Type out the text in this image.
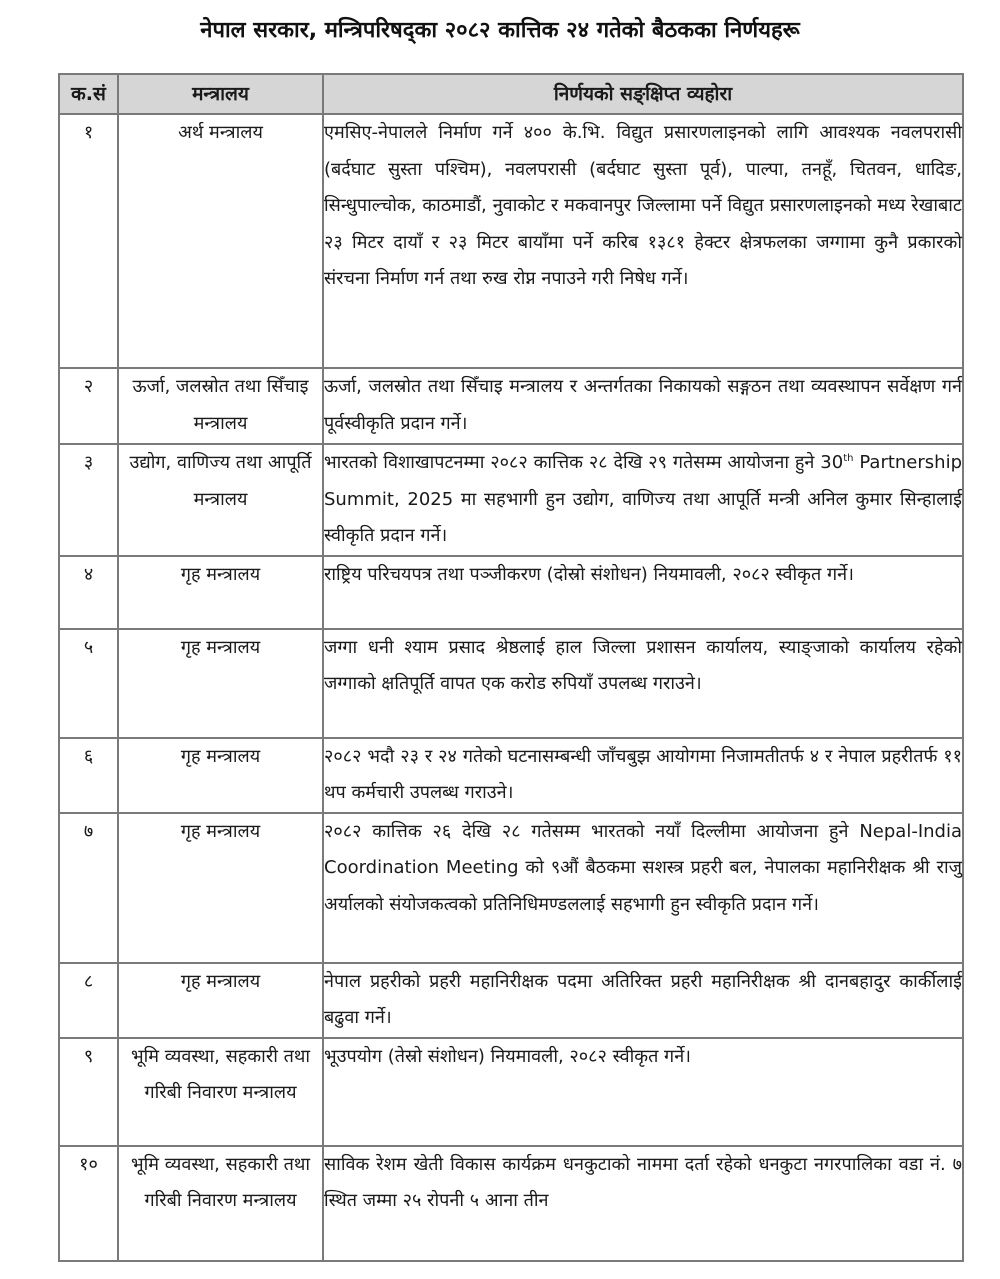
नेपाल सरकार, मन्त्रिपरिषद्का २०८२ कात्तिक २४ गतेको बैठकका निर्णयहरू
क.सं	मन्त्रालय	निर्णयको सङ्क्षिप्त व्यहोरा
१	अर्थ मन्त्रालय	एमसिए-नेपालले निर्माण गर्ने ४०० के.भि. विद्युत प्रसारणलाइनको लागि आवश्यक नवलपरासी (बर्दघाट सुस्ता पश्चिम), नवलपरासी (बर्दघाट सुस्ता पूर्व), पाल्पा, तनहूँ, चितवन, धादिङ, सिन्धुपाल्चोक, काठमाडौं, नुवाकोट र मकवानपुर जिल्लामा पर्ने विद्युत प्रसारणलाइनको मध्य रेखाबाट २३ मिटर दायाँ र २३ मिटर बायाँमा पर्ने करिब १३८१ हेक्टर क्षेत्रफलका जग्गामा कुनै प्रकारको संरचना निर्माण गर्न तथा रुख रोप्न नपाउने गरी निषेध गर्ने।
२	ऊर्जा, जलस्रोत तथा सिँचाइ मन्त्रालय	ऊर्जा, जलस्रोत तथा सिँचाइ मन्त्रालय र अन्तर्गतका निकायको सङ्गठन तथा व्यवस्थापन सर्वेक्षण गर्न पूर्वस्वीकृति प्रदान गर्ने।
३	उद्योग, वाणिज्य तथा आपूर्ति मन्त्रालय	भारतको विशाखापटनम्मा २०८२ कात्तिक २८ देखि २९ गतेसम्म आयोजना हुने 30th Partnership Summit, 2025 मा सहभागी हुन उद्योग, वाणिज्य तथा आपूर्ति मन्त्री अनिल कुमार सिन्हालाई स्वीकृति प्रदान गर्ने।
४	गृह मन्त्रालय	राष्ट्रिय परिचयपत्र तथा पञ्जीकरण (दोस्रो संशोधन) नियमावली, २०८२ स्वीकृत गर्ने।
५	गृह मन्त्रालय	जग्गा धनी श्याम प्रसाद श्रेष्ठलाई हाल जिल्ला प्रशासन कार्यालय, स्याङ्जाको कार्यालय रहेको जग्गाको क्षतिपूर्ति वापत एक करोड रुपियाँ उपलब्ध गराउने।
६	गृह मन्त्रालय	२०८२ भदौ २३ र २४ गतेको घटनासम्बन्धी जाँचबुझ आयोगमा निजामतीतर्फ ४ र नेपाल प्रहरीतर्फ ११ थप कर्मचारी उपलब्ध गराउने।
७	गृह मन्त्रालय	२०८२ कात्तिक २६ देखि २८ गतेसम्म भारतको नयाँ दिल्लीमा आयोजना हुने Nepal-India Coordination Meeting को ९औं बैठकमा सशस्त्र प्रहरी बल, नेपालका महानिरीक्षक श्री राजु अर्यालको संयोजकत्वको प्रतिनिधिमण्डललाई सहभागी हुन स्वीकृति प्रदान गर्ने।
८	गृह मन्त्रालय	नेपाल प्रहरीको प्रहरी महानिरीक्षक पदमा अतिरिक्त प्रहरी महानिरीक्षक श्री दानबहादुर कार्कीलाई बढुवा गर्ने।
९	भूमि व्यवस्था, सहकारी तथा गरिबी निवारण मन्त्रालय	भूउपयोग (तेस्रो संशोधन) नियमावली, २०८२ स्वीकृत गर्ने।
१०	भूमि व्यवस्था, सहकारी तथा गरिबी निवारण मन्त्रालय	साविक रेशम खेती विकास कार्यक्रम धनकुटाको नाममा दर्ता रहेको धनकुटा नगरपालिका वडा नं. ७ स्थित जम्मा २५ रोपनी ५ आना तीन
